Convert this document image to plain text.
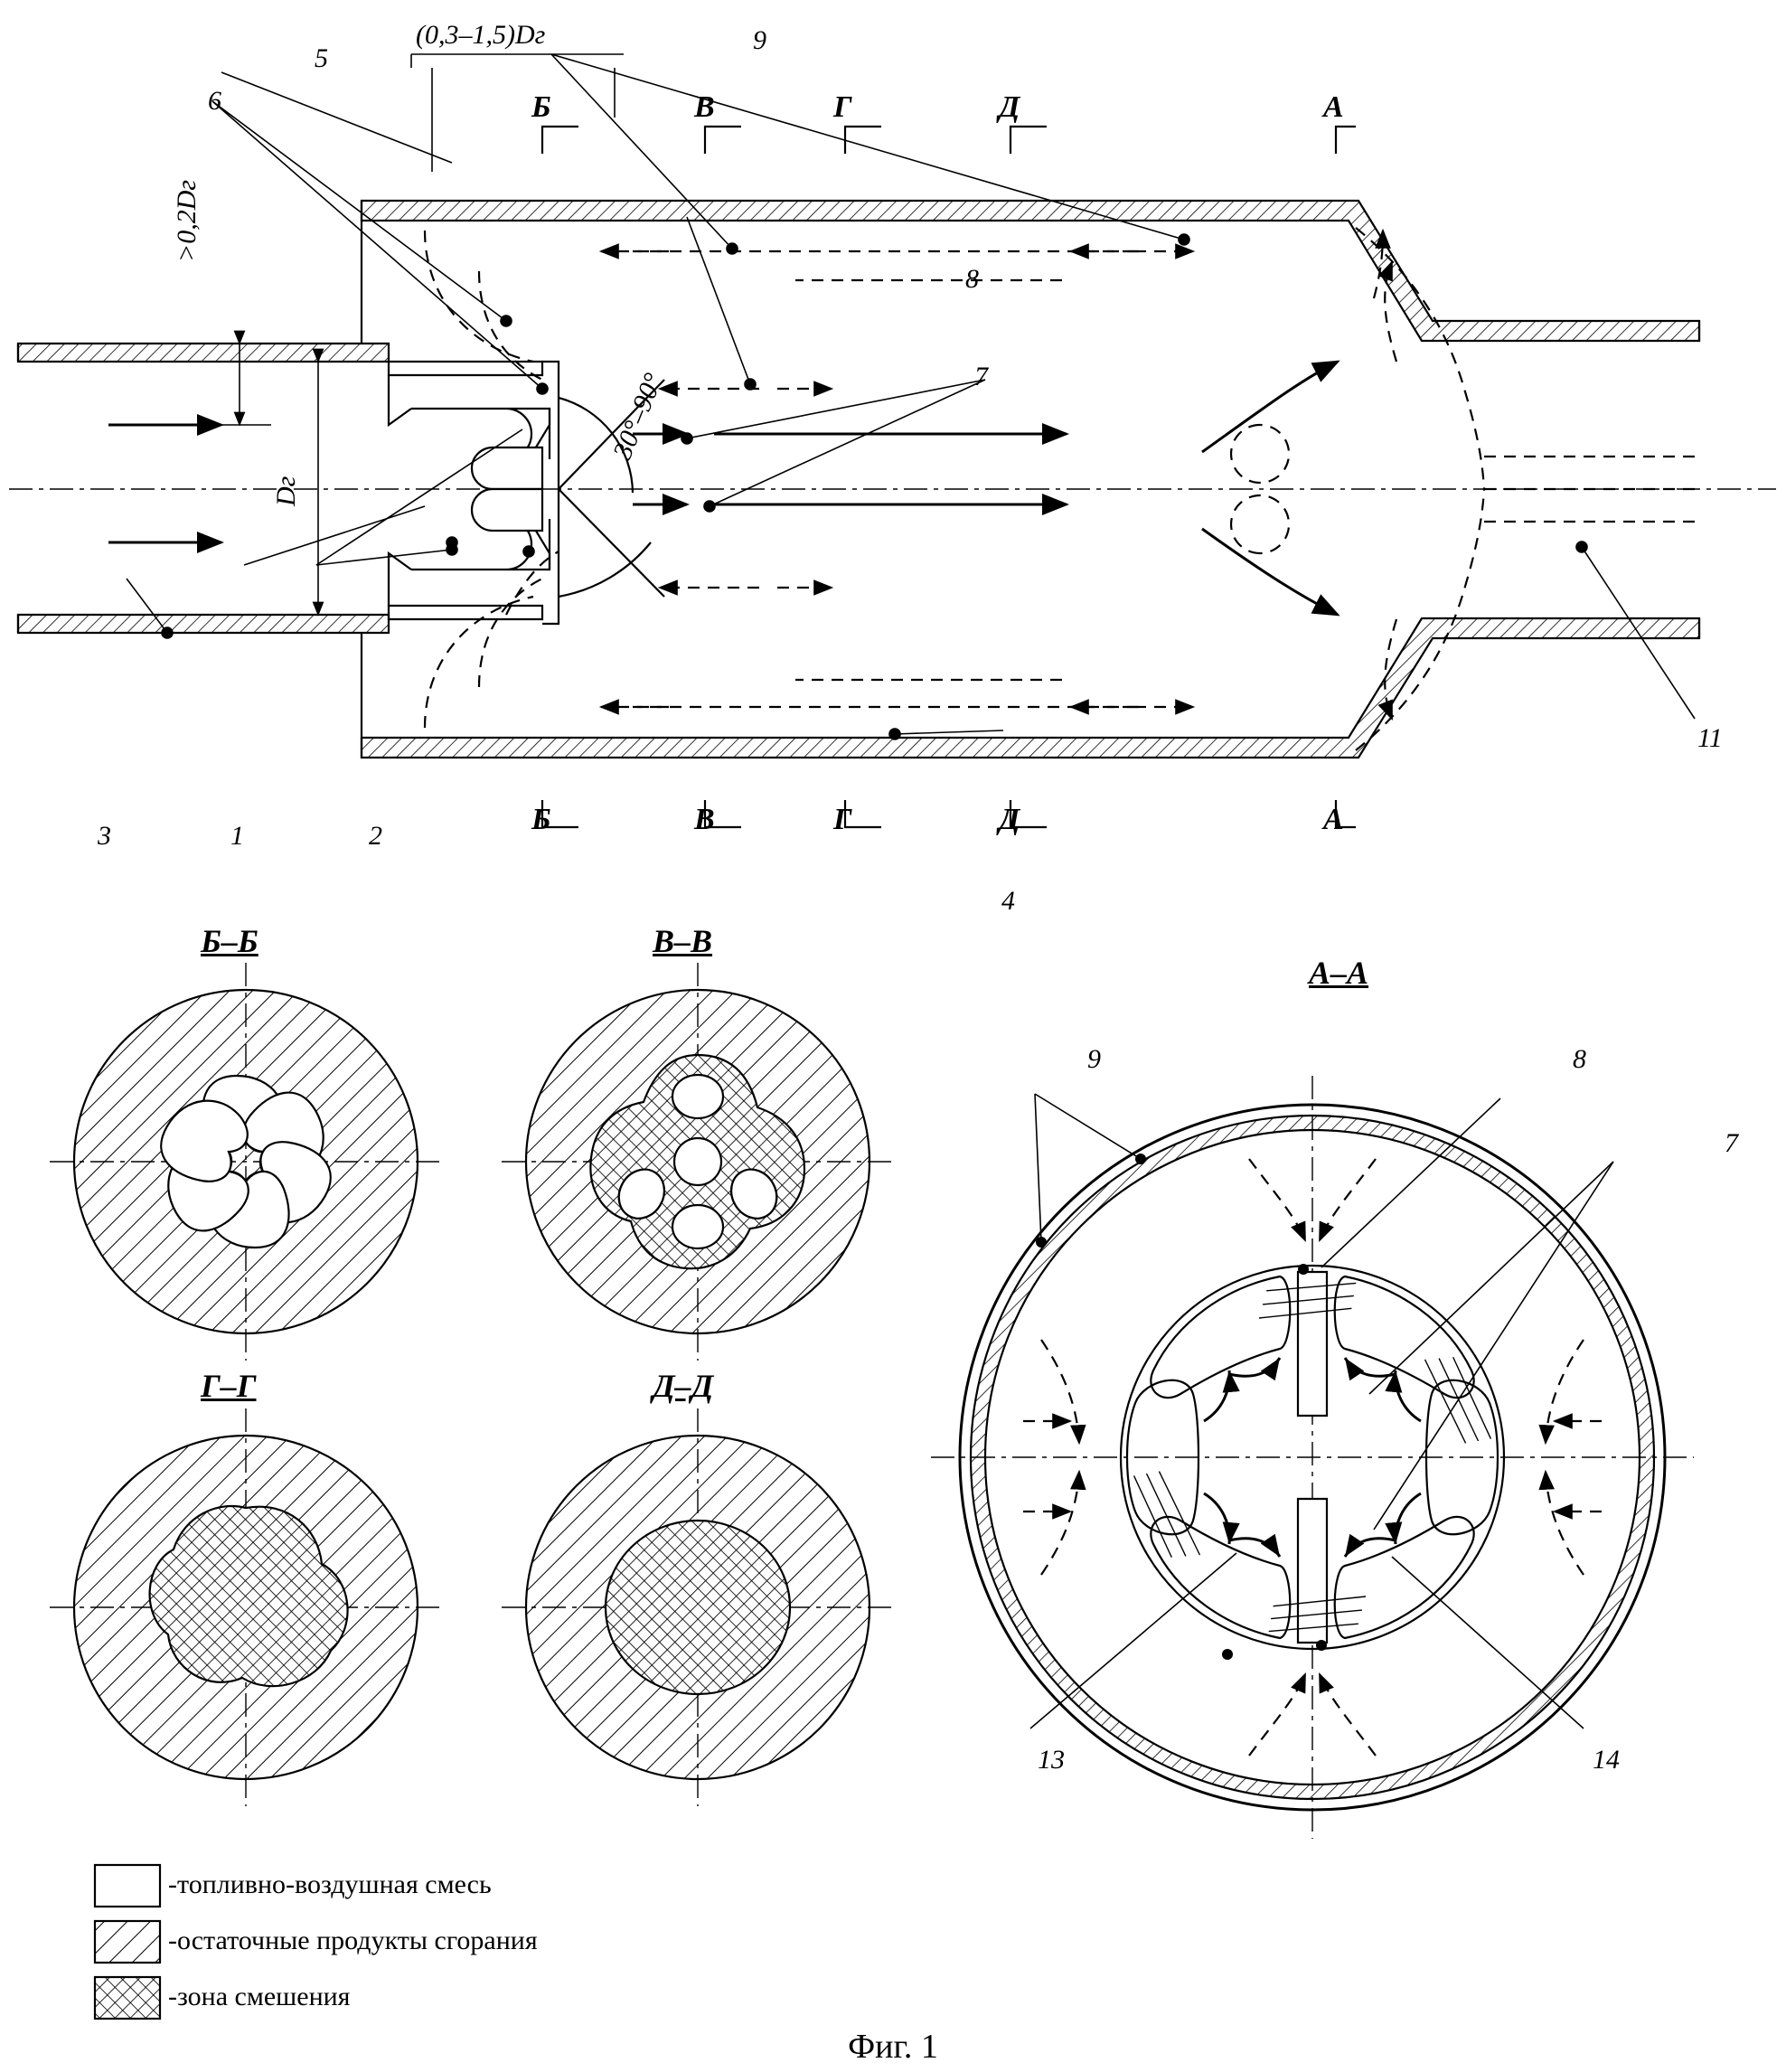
(0,3–1,5)Dг
>0,2Dг
Dг
30°–90°
6
5
9
8
7
11
3	1	2
4
Б	В	Г	Д	А
Б	В	Г	Д	А
Б–Б	В–В
Г–Г	Д–Д
А–А
9	8
7
13	14
-топливно-воздушная смесь
-остаточные продукты сгорания
-зона смешения
Фиг. 1
